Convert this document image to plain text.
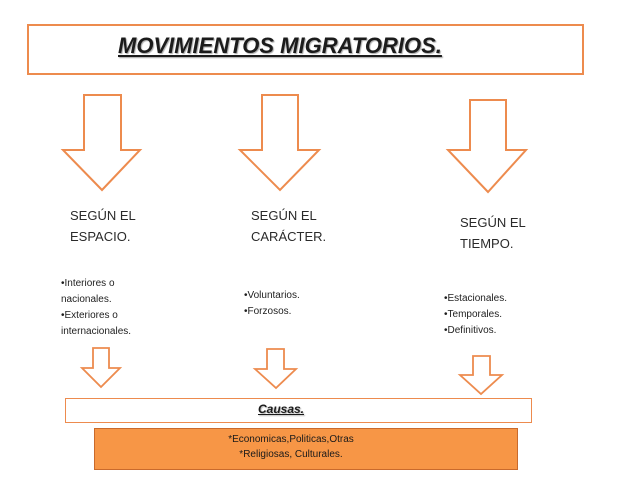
MOVIMIENTOS MIGRATORIOS.
SEGÚN EL
ESPACIO.
SEGÚN EL
CARÁCTER.
SEGÚN EL
TIEMPO.
•Interiores o
nacionales.
•Exteriores o
internacionales.
•Voluntarios.
•Forzosos.
•Estacionales.
•Temporales.
•Definitivos.
Causas.
*Economicas,Politicas,Otras
*Religiosas, Culturales.
